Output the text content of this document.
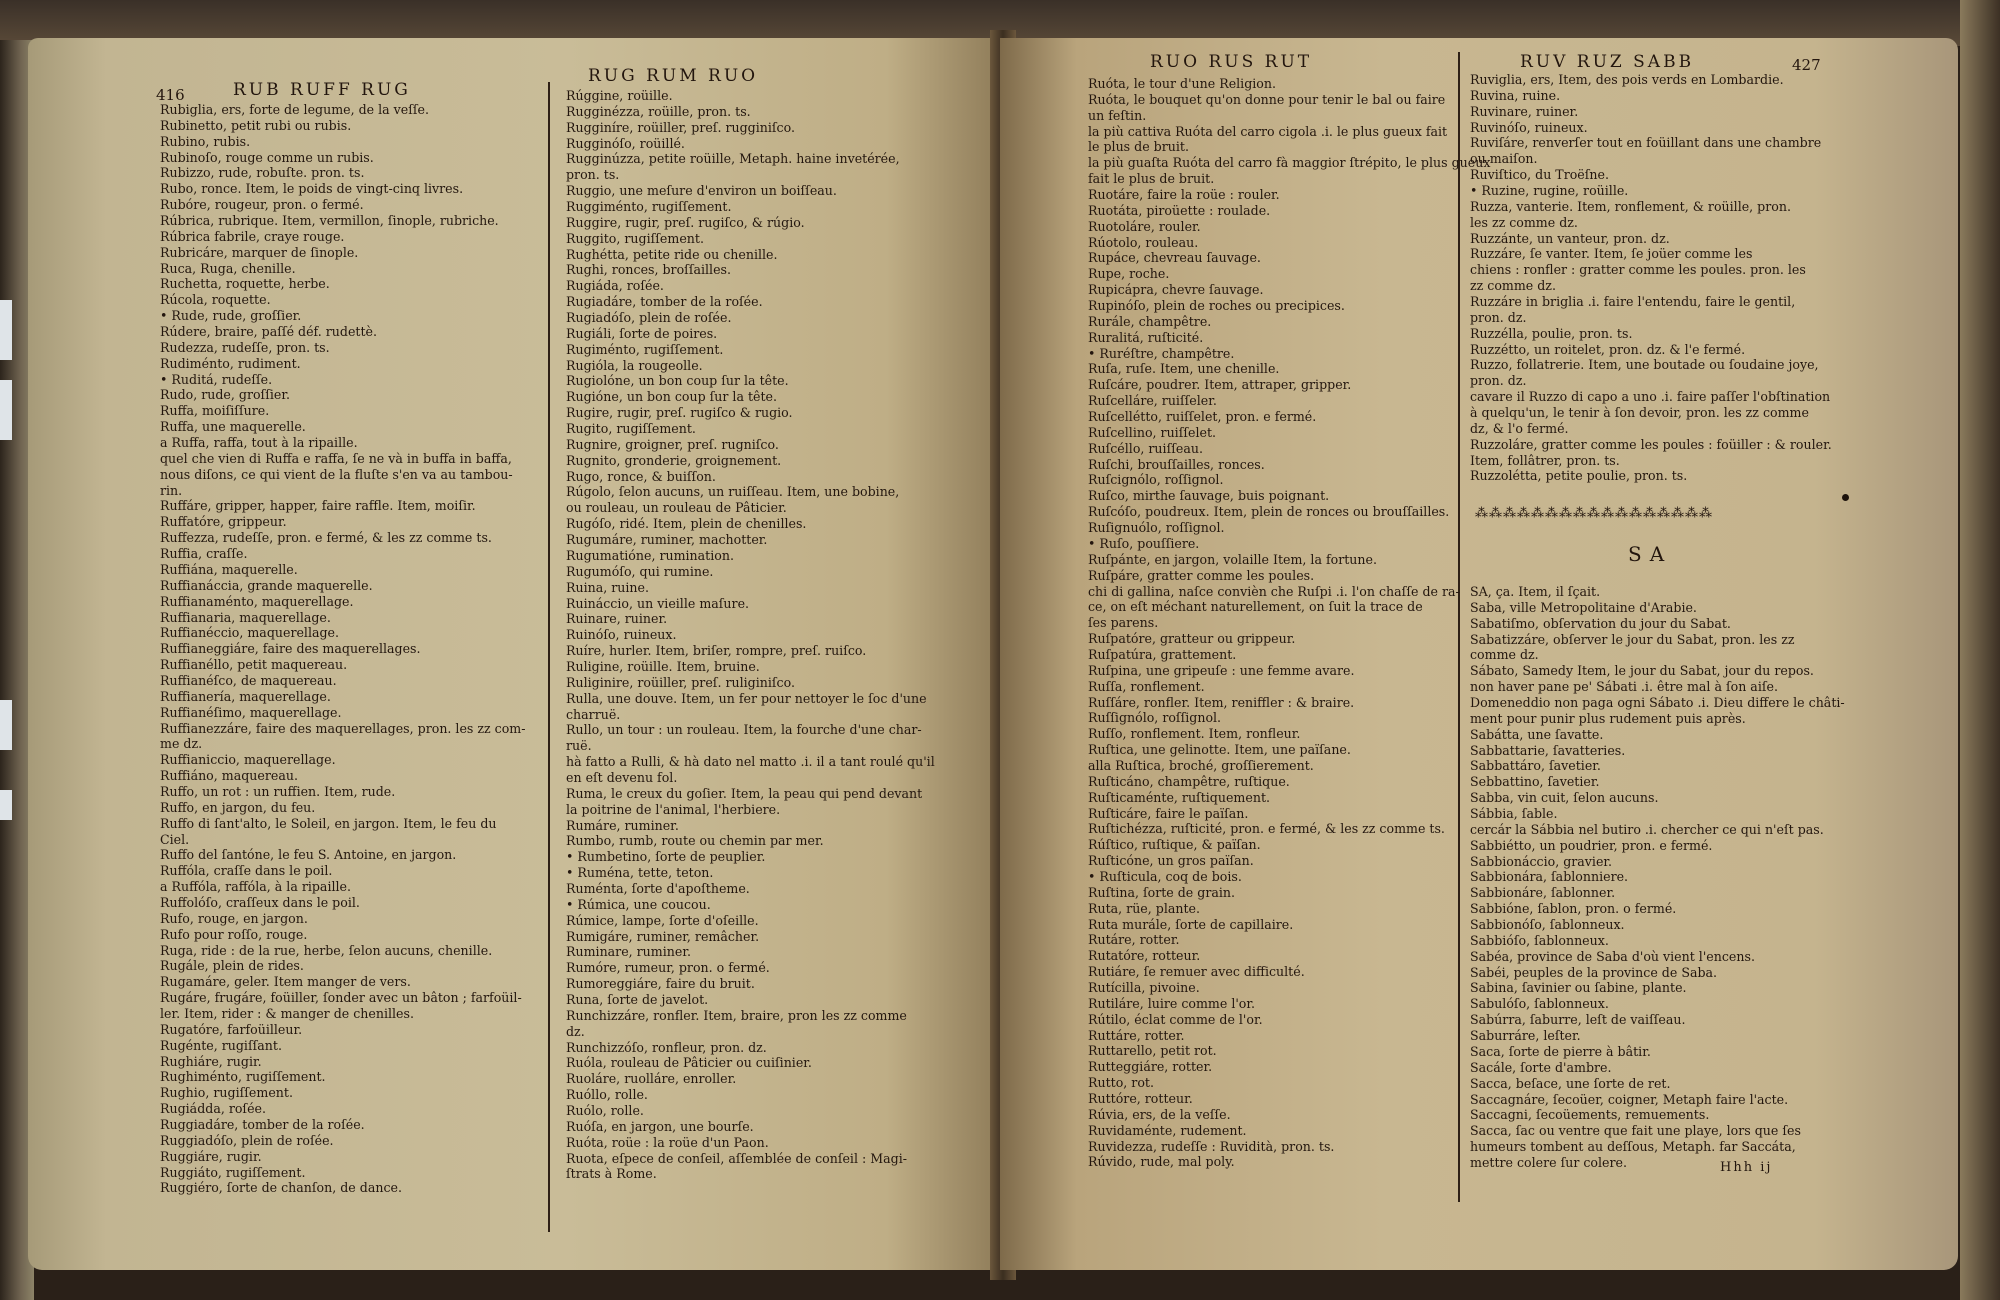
416	RUB RUFF RUG
RUG RUM RUO
Rubiglia, ers, forte de legume, de la veſſe.
Rubinetto, petit rubi ou rubis.
Rubino, rubis.
Rubinoſo, rouge comme un rubis.
Rubizzo, rude, robuſte. pron. ts.
Rubo, ronce. Item, le poids de vingt-cinq livres.
Rubóre, rougeur, pron. o fermé.
Rúbrica, rubrique. Item, vermillon, ſinople, rubriche.
Rúbrica fabrile, craye rouge.
Rubricáre, marquer de ſinople.
Ruca, Ruga, chenille.
Ruchetta, roquette, herbe.
Rúcola, roquette.
• Rude, rude, groſſier.
Rúdere, braire, paſſé déf. rudettè.
Rudezza, rudeſſe, pron. ts.
Rudiménto, rudiment.
• Ruditá, rudeſſe.
Rudo, rude, groſſier.
Ruffa, moiſiſſure.
Ruffa, une maquerelle.
a Ruffa, raffa, tout à la ripaille.
quel che vien di Ruffa e raffa, ſe ne và in buffa in baffa,
nous diſons, ce qui vient de la fluſte s'en va au tambou-
rin.
Ruffáre, gripper, happer, faire raffle. Item, moiſir.
Ruffatóre, grippeur.
Ruffezza, rudeſſe, pron. e fermé, & les zz comme ts.
Ruffia, craſſe.
Ruffiána, maquerelle.
Ruffianáccia, grande maquerelle.
Ruffianaménto, maquerellage.
Ruffianaria, maquerellage.
Ruffianéccio, maquerellage.
Ruffianeggiáre, faire des maquerellages.
Ruffianéllo, petit maquereau.
Ruffianéſco, de maquereau.
Ruffianería, maquerellage.
Ruffianéſimo, maquerellage.
Ruffianezzáre, faire des maquerellages, pron. les zz com-
me dz.
Ruffianiccio, maquerellage.
Ruffiáno, maquereau.
Ruffo, un rot : un ruffien. Item, rude.
Ruffo, en jargon, du feu.
Ruffo di ſant'alto, le Soleil, en jargon. Item, le feu du
Ciel.
Ruffo del ſantóne, le feu S. Antoine, en jargon.
Ruffóla, craſſe dans le poil.
a Ruffóla, raffóla, à la ripaille.
Ruffolóſo, craſſeux dans le poil.
Rufo, rouge, en jargon.
Rufo pour roſſo, rouge.
Ruga, ride : de la rue, herbe, ſelon aucuns, chenille.
Rugále, plein de rides.
Rugamáre, geler. Item manger de vers.
Rugáre, frugáre, foüiller, ſonder avec un bâton ; farfoüil-
ler. Item, rider : & manger de chenilles.
Rugatóre, farfoüilleur.
Rugénte, rugiſſant.
Rughiáre, rugir.
Rughiménto, rugiſſement.
Rughio, rugiſſement.
Rugiádda, roſée.
Ruggiadáre, tomber de la roſée.
Ruggiadóſo, plein de roſée.
Ruggiáre, rugir.
Ruggiáto, rugiſſement.
Ruggiéro, ſorte de chanſon, de dance.
Rúggine, roüille.
Rugginézza, roüille, pron. ts.
Rugginíre, roüiller, preſ. rugginiſco.
Rugginóſo, roüillé.
Rugginúzza, petite roüille, Metaph. haine invetérée,
pron. ts.
Ruggio, une meſure d'environ un boiſſeau.
Ruggiménto, rugiſſement.
Ruggire, rugir, preſ. rugiſco, & rúgio.
Ruggito, rugiſſement.
Rughétta, petite ride ou chenille.
Rughi, ronces, broſſailles.
Rugiáda, roſée.
Rugiadáre, tomber de la roſée.
Rugiadóſo, plein de roſée.
Rugiáli, ſorte de poires.
Rugiménto, rugiſſement.
Rugióla, la rougeolle.
Rugiolóne, un bon coup ſur la tête.
Rugióne, un bon coup ſur la tête.
Rugire, rugir, preſ. rugiſco & rugio.
Rugito, rugiſſement.
Rugnire, groigner, preſ. rugniſco.
Rugnito, gronderie, groignement.
Rugo, ronce, & buiſſon.
Rúgolo, ſelon aucuns, un ruiſſeau. Item, une bobine,
ou rouleau, un rouleau de Pâticier.
Rugóſo, ridé. Item, plein de chenilles.
Rugumáre, ruminer, machotter.
Rugumatióne, rumination.
Rugumóſo, qui rumine.
Ruina, ruine.
Ruináccio, un vieille maſure.
Ruinare, ruiner.
Ruinóſo, ruineux.
Ruíre, hurler. Item, briſer, rompre, preſ. ruiſco.
Ruligine, roüille. Item, bruine.
Ruliginire, roüiller, preſ. ruliginiſco.
Rulla, une douve. Item, un fer pour nettoyer le ſoc d'une
charruë.
Rullo, un tour : un rouleau. Item, la fourche d'une char-
ruë.
hà fatto a Rulli, & hà dato nel matto .i. il a tant roulé qu'il
en eſt devenu fol.
Ruma, le creux du goſier. Item, la peau qui pend devant
la poitrine de l'animal, l'herbiere.
Rumáre, ruminer.
Rumbo, rumb, route ou chemin par mer.
• Rumbetino, ſorte de peuplier.
• Ruména, tette, teton.
Ruménta, ſorte d'apoſtheme.
• Rúmica, une coucou.
Rúmice, lampe, ſorte d'oſeille.
Rumigáre, ruminer, remâcher.
Ruminare, ruminer.
Rumóre, rumeur, pron. o fermé.
Rumoreggiáre, faire du bruit.
Runa, ſorte de javelot.
Runchizzáre, ronfler. Item, braire, pron les zz comme
dz.
Runchizzóſo, ronfleur, pron. dz.
Ruóla, rouleau de Pâticier ou cuiſinier.
Ruoláre, ruolláre, enroller.
Ruóllo, rolle.
Ruólo, rolle.
Ruóſa, en jargon, une bourſe.
Ruóta, roüe : la roüe d'un Paon.
Ruota, eſpece de conſeil, aſſemblée de conſeil : Magi-
ſtrats à Rome.
RUO RUS RUT	RUV RUZ SABB	427
Ruóta, le tour d'une Religion.
Ruóta, le bouquet qu'on donne pour tenir le bal ou faire
un feſtin.
la più cattiva Ruóta del carro cigola .i. le plus gueux fait
le plus de bruit.
la più guaſta Ruóta del carro fà maggior ſtrépito, le plus gueux
fait le plus de bruit.
Ruotáre, faire la roüe : rouler.
Ruotáta, piroüette : roulade.
Ruotoláre, rouler.
Rúotolo, rouleau.
Rupáce, chevreau ſauvage.
Rupe, roche.
Rupicápra, chevre ſauvage.
Rupinóſo, plein de roches ou precipices.
Rurále, champêtre.
Ruralitá, ruſticité.
• Ruréſtre, champêtre.
Ruſa, ruſe. Item, une chenille.
Ruſcáre, poudrer. Item, attraper, gripper.
Ruſcelláre, ruiſſeler.
Ruſcellétto, ruiſſelet, pron. e fermé.
Ruſcellino, ruiſſelet.
Ruſcéllo, ruiſſeau.
Ruſchi, brouſſailles, ronces.
Ruſcignólo, roſſignol.
Ruſco, mirthe ſauvage, buis poignant.
Ruſcóſo, poudreux. Item, plein de ronces ou brouſſailles.
Ruſignuólo, roſſignol.
• Ruſo, pouſſiere.
Ruſpánte, en jargon, volaille Item, la fortune.
Ruſpáre, gratter comme les poules.
chi di gallina, naſce convièn che Ruſpi .i. l'on chaſſe de ra-
ce, on eſt méchant naturellement, on ſuit la trace de
ſes parens.
Ruſpatóre, gratteur ou grippeur.
Ruſpatúra, grattement.
Ruſpina, une gripeuſe : une femme avare.
Ruſſa, ronflement.
Ruſſáre, ronfler. Item, reniffler : & braire.
Ruſſignólo, roſſignol.
Ruſſo, ronflement. Item, ronfleur.
Ruſtica, une gelinotte. Item, une païſane.
alla Ruſtica, broché, groſſierement.
Ruſticáno, champêtre, ruſtique.
Ruſticaménte, ruſtiquement.
Ruſticáre, faire le païſan.
Ruſtichézza, ruſticité, pron. e fermé, & les zz comme ts.
Rúſtico, ruſtique, & païſan.
Ruſticóne, un gros païſan.
• Ruſticula, coq de bois.
Ruſtina, ſorte de grain.
Ruta, rüe, plante.
Ruta murále, ſorte de capillaire.
Rutáre, rotter.
Rutatóre, rotteur.
Rutiáre, ſe remuer avec difficulté.
Rutícilla, pivoine.
Rutiláre, luire comme l'or.
Rútilo, éclat comme de l'or.
Ruttáre, rotter.
Ruttarello, petit rot.
Rutteggiáre, rotter.
Rutto, rot.
Ruttóre, rotteur.
Rúvia, ers, de la veſſe.
Ruvidaménte, rudement.
Ruvidezza, rudeſſe : Ruvidità, pron. ts.
Rúvido, rude, mal poly.
Ruviglia, ers, Item, des pois verds en Lombardie.
Ruvina, ruine.
Ruvinare, ruiner.
Ruvinóſo, ruineux.
Ruviſáre, renverſer tout en foüillant dans une chambre
ou maiſon.
Ruviſtico, du Troëſne.
• Ruzine, rugine, roüille.
Ruzza, vanterie. Item, ronflement, & roüille, pron.
les zz comme dz.
Ruzzánte, un vanteur, pron. dz.
Ruzzáre, ſe vanter. Item, ſe joüer comme les
chiens : ronfler : gratter comme les poules. pron. les
zz comme dz.
Ruzzáre in briglia .i. faire l'entendu, faire le gentil,
pron. dz.
Ruzzélla, poulie, pron. ts.
Ruzzétto, un roitelet, pron. dz. & l'e fermé.
Ruzzo, follatrerie. Item, une boutade ou ſoudaine joye,
pron. dz.
cavare il Ruzzo di capo a uno .i. faire paſſer l'obſtination
à quelqu'un, le tenir à ſon devoir, pron. les zz comme
dz, & l'o fermé.
Ruzzoláre, gratter comme les poules : foüiller : & rouler.
Item, follâtrer, pron. ts.
Ruzzolétta, petite poulie, pron. ts.
⁂⁂⁂⁂⁂⁂⁂⁂⁂⁂⁂⁂⁂⁂⁂⁂⁂
SA
SA, ça. Item, il ſçait.
Saba, ville Metropolitaine d'Arabie.
Sabatiſmo, obſervation du jour du Sabat.
Sabatizzáre, obſerver le jour du Sabat, pron. les zz
comme dz.
Sábato, Samedy Item, le jour du Sabat, jour du repos.
non haver pane pe' Sábati .i. être mal à ſon aiſe.
Domeneddio non paga ogni Sábato .i. Dieu differe le châti-
ment pour punir plus rudement puis après.
Sabátta, une ſavatte.
Sabbattarie, ſavatteries.
Sabbattáro, ſavetier.
Sebbattino, ſavetier.
Sabba, vin cuit, ſelon aucuns.
Sábbia, ſable.
cercár la Sábbia nel butiro .i. chercher ce qui n'eſt pas.
Sabbiétto, un poudrier, pron. e fermé.
Sabbionáccio, gravier.
Sabbionára, ſablonniere.
Sabbionáre, ſablonner.
Sabbióne, ſablon, pron. o fermé.
Sabbionóſo, ſablonneux.
Sabbióſo, ſablonneux.
Sabéa, province de Saba d'où vient l'encens.
Sabéi, peuples de la province de Saba.
Sabina, ſavinier ou ſabine, plante.
Sabulóſo, ſablonneux.
Sabúrra, ſaburre, leſt de vaiſſeau.
Saburráre, leſter.
Saca, ſorte de pierre à bâtir.
Sacále, ſorte d'ambre.
Sacca, beſace, une ſorte de ret.
Saccagnáre, ſecoüer, coigner, Metaph faire l'acte.
Saccagni, ſecoüements, remuements.
Sacca, ſac ou ventre que fait une playe, lors que ſes
humeurs tombent au deſſous, Metaph. far Saccáta,
mettre colere ſur colere.	Hhh ij
